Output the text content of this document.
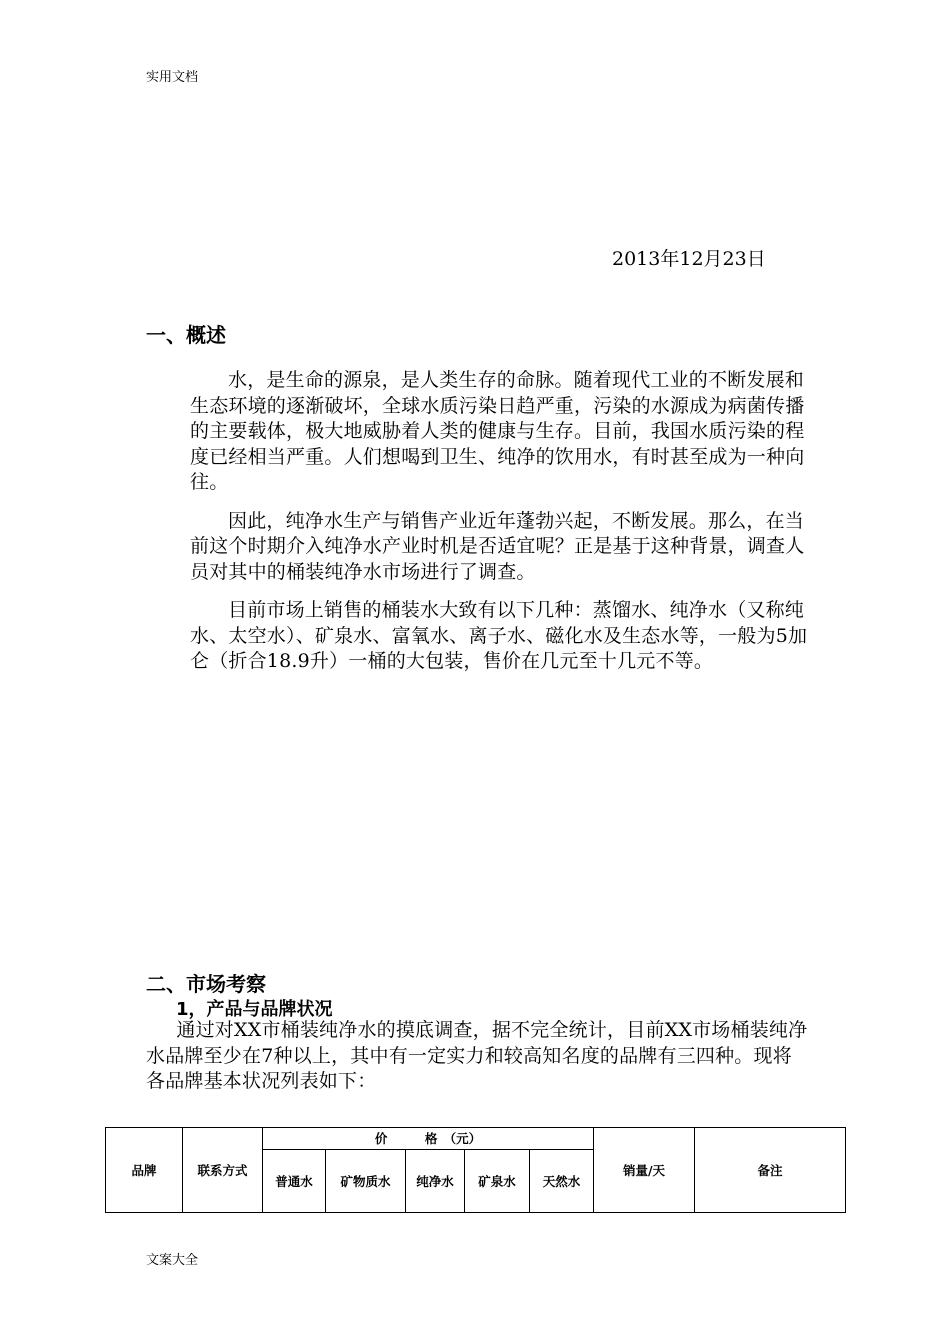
实用文档
2013年12月23日
一、概述

水，是生命的源泉，是人类生存的命脉。随着现代工业的不断发展和生态环境的逐渐破坏，全球水质污染日趋严重，污染的水源成为病菌传播的主要载体，极大地威胁着人类的健康与生存。目前，我国水质污染的程度已经相当严重。人们想喝到卫生、纯净的饮用水，有时甚至成为一种向往。

因此，纯净水生产与销售产业近年蓬勃兴起，不断发展。那么，在当前这个时期介入纯净水产业时机是否适宜呢？正是基于这种背景，调查人员对其中的桶装纯净水市场进行了调查。

目前市场上销售的桶装水大致有以下几种：蒸馏水、纯净水（又称纯水、太空水）、矿泉水、富氧水、离子水、磁化水及生态水等，一般为5加仑（折合18.9升）一桶的大包装，售价在几元至十几元不等。

二、市场考察
1，产品与品牌状况

通过对XX市桶装纯净水的摸底调查，据不完全统计，目前XX市场桶装纯净水品牌至少在7种以上，其中有一定实力和较高知名度的品牌有三四种。现将各品牌基本状况列表如下：

品牌	联系方式	价　　　格　（元）					销量/天	备注
		普通水	矿物质水	纯净水	矿泉水	天然水		
文案大全
